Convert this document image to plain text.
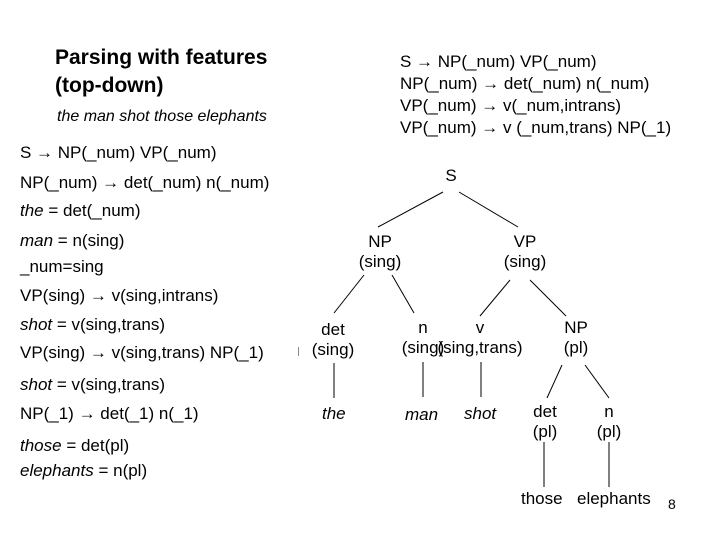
Parsing with features
(top-down)
the man shot those elephants
S → NP(_num) VP(_num)
NP(_num) → det(_num) n(_num)
VP(_num) → v(_num,intrans)
VP(_num) → v (_num,trans) NP(_1)
S → NP(_num) VP(_num)
NP(_num) → det(_num) n(_num)
the = det(_num)
man = n(sing)
_num=sing
VP(sing) → v(sing,intrans)
shot = v(sing,trans)
VP(sing) → v(sing,trans) NP(_1)
shot = v(sing,trans)
NP(_1) → det(_1) n(_1)
those = det(pl)
elephants = n(pl)
S
NP
(sing)
VP
(sing)
det
(sing)
n
(sing)
v
(sing,trans)
NP
(pl)
the	man shot	det
(pl)
n
(pl)
those elephants 8
